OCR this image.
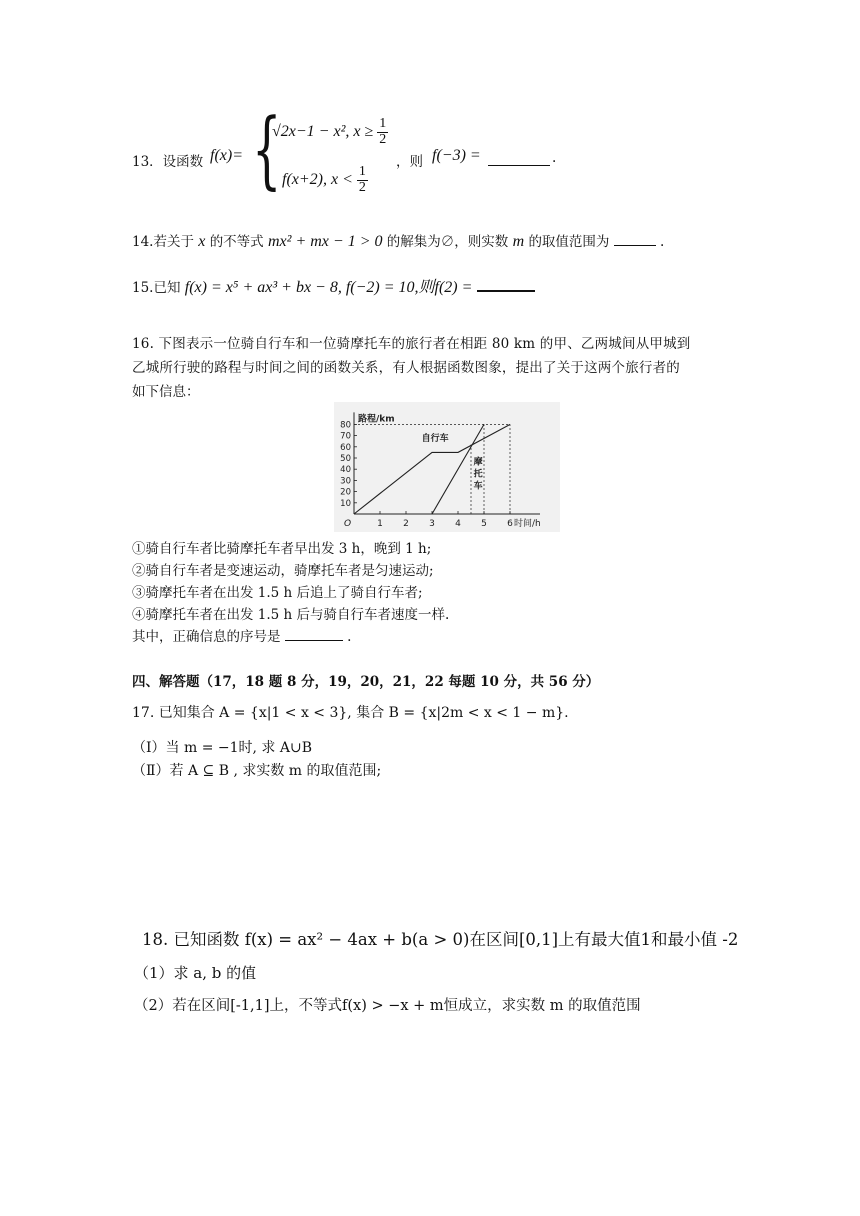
13．设函数 f(x)= {
√2x−1 − x², $x \ge \frac{1}{2}$
f(x+2), $x < \frac{1}{2}$
，则 f(−3) =	.
14.若关于 x 的不等式 mx² + mx − 1 > 0 的解集为∅，则实数 m 的取值范围为	.
15.已知 f(x) = x⁵ + ax³ + bx − 8, f(−2) = 10,则f(2) =
16. 下图表示一位骑自行车和一位骑摩托车的旅行者在相距 80 km 的甲、乙两城间从甲城到
乙城所行驶的路程与时间之间的函数关系，有人根据函数图象，提出了关于这两个旅行者的
如下信息：
10
20
30
40
50
60
70
80
1 2 3 4 5 6
O
路程/km
时间/h
自行车
摩
托
车
①骑自行车者比骑摩托车者早出发 3 h，晚到 1 h;
②骑自行车者是变速运动，骑摩托车者是匀速运动;
③骑摩托车者在出发 1.5 h 后追上了骑自行车者;
④骑摩托车者在出发 1.5 h 后与骑自行车者速度一样.
其中，正确信息的序号是	.
四、解答题（17，18 题 8 分，19，20，21，22 每题 10 分，共 56 分）
17. 已知集合 A = {x|1 < x < 3}, 集合 B = {x|2m < x < 1 − m}.
（Ⅰ）当 m = −1时, 求 A∪B
（Ⅱ）若 A ⊆ B , 求实数 m 的取值范围;
18. 已知函数 f(x) = ax² − 4ax + b(a > 0)在区间[0,1]上有最大值1和最小值 -2
（1）求 a, b 的值
（2）若在区间[-1,1]上，不等式f(x) > −x + m恒成立，求实数 m 的取值范围
